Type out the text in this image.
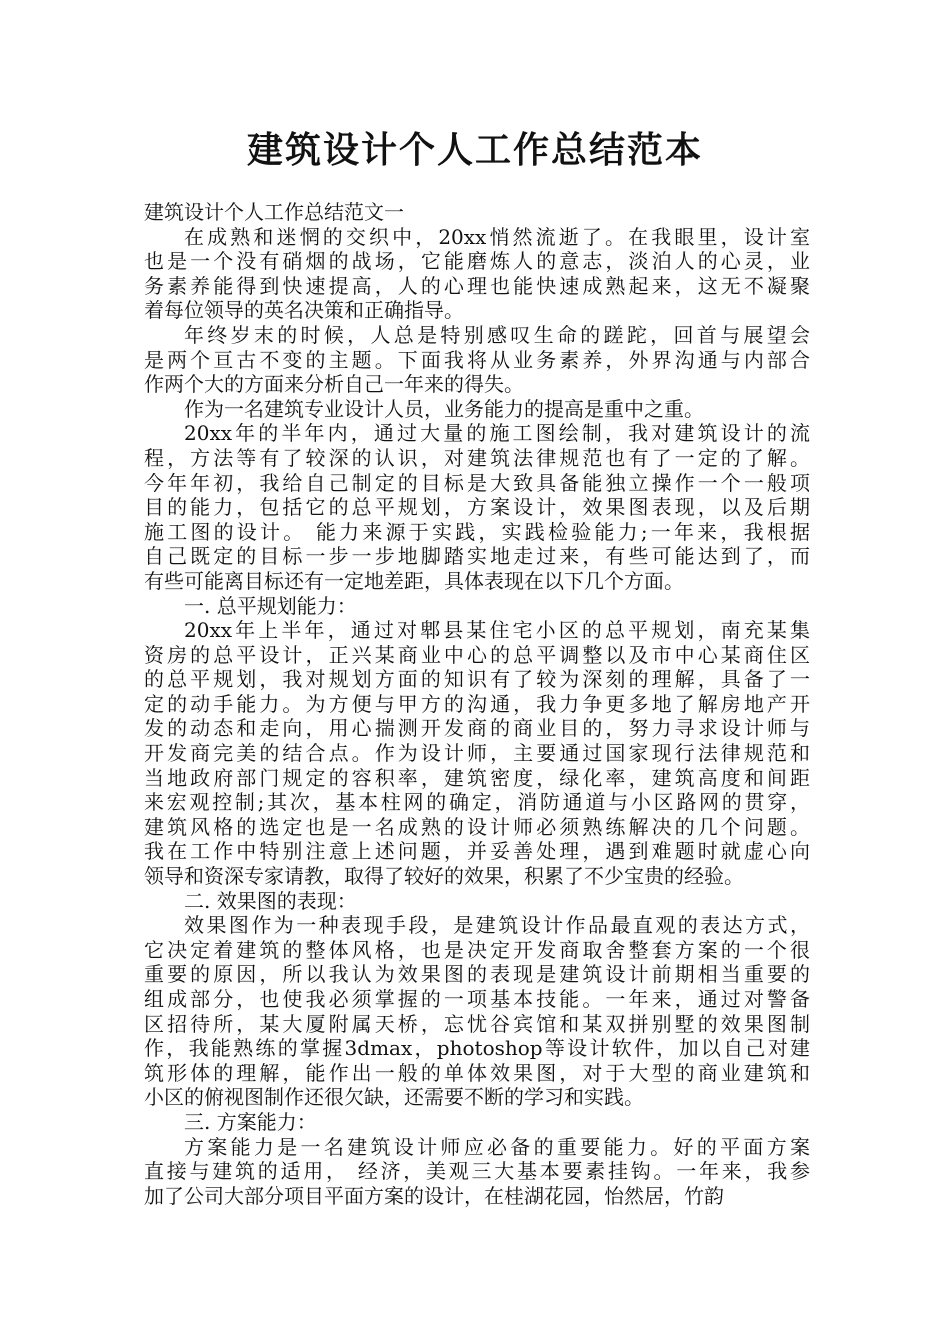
建筑设计个人工作总结范本

建筑设计个人工作总结范文一

在成熟和迷惘的交织中，20xx悄然流逝了。在我眼里，设计室
也是一个没有硝烟的战场，它能磨炼人的意志，淡泊人的心灵，业
务素养能得到快速提高，人的心理也能快速成熟起来，这无不凝聚
着每位领导的英名决策和正确指导。

年终岁末的时候，人总是特别感叹生命的蹉跎，回首与展望会
是两个亘古不变的主题。下面我将从业务素养，外界沟通与内部合
作两个大的方面来分析自己一年来的得失。

作为一名建筑专业设计人员，业务能力的提高是重中之重。

20xx年的半年内，通过大量的施工图绘制，我对建筑设计的流
程，方法等有了较深的认识，对建筑法律规范也有了一定的了解。
今年年初，我给自己制定的目标是大致具备能独立操作一个一般项
目的能力，包括它的总平规划，方案设计，效果图表现，以及后期
施工图的设计。 能力来源于实践，实践检验能力;一年来，我根据
自己既定的目标一步一步地脚踏实地走过来，有些可能达到了，而
有些可能离目标还有一定地差距，具体表现在以下几个方面。

一. 总平规划能力：

20xx年上半年，通过对郫县某住宅小区的总平规划，南充某集
资房的总平设计，正兴某商业中心的总平调整以及市中心某商住区
的总平规划，我对规划方面的知识有了较为深刻的理解，具备了一
定的动手能力。为方便与甲方的沟通，我力争更多地了解房地产开
发的动态和走向，用心揣测开发商的商业目的，努力寻求设计师与
开发商完美的结合点。作为设计师，主要通过国家现行法律规范和
当地政府部门规定的容积率，建筑密度，绿化率，建筑高度和间距
来宏观控制;其次，基本柱网的确定，消防通道与小区路网的贯穿，
建筑风格的选定也是一名成熟的设计师必须熟练解决的几个问题。
我在工作中特别注意上述问题，并妥善处理，遇到难题时就虚心向
领导和资深专家请教，取得了较好的效果，积累了不少宝贵的经验。

二. 效果图的表现：

效果图作为一种表现手段，是建筑设计作品最直观的表达方式，
它决定着建筑的整体风格，也是决定开发商取舍整套方案的一个很
重要的原因，所以我认为效果图的表现是建筑设计前期相当重要的
组成部分，也使我必须掌握的一项基本技能。一年来，通过对警备
区招待所，某大厦附属天桥，忘忧谷宾馆和某双拼别墅的效果图制
作，我能熟练的掌握3dmax，photoshop等设计软件，加以自己对建
筑形体的理解，能作出一般的单体效果图，对于大型的商业建筑和
小区的俯视图制作还很欠缺，还需要不断的学习和实践。

三. 方案能力：

方案能力是一名建筑设计师应必备的重要能力。好的平面方案
直接与建筑的适用， 经济，美观三大基本要素挂钩。一年来，我参
加了公司大部分项目平面方案的设计，在桂湖花园，怡然居，竹韵
